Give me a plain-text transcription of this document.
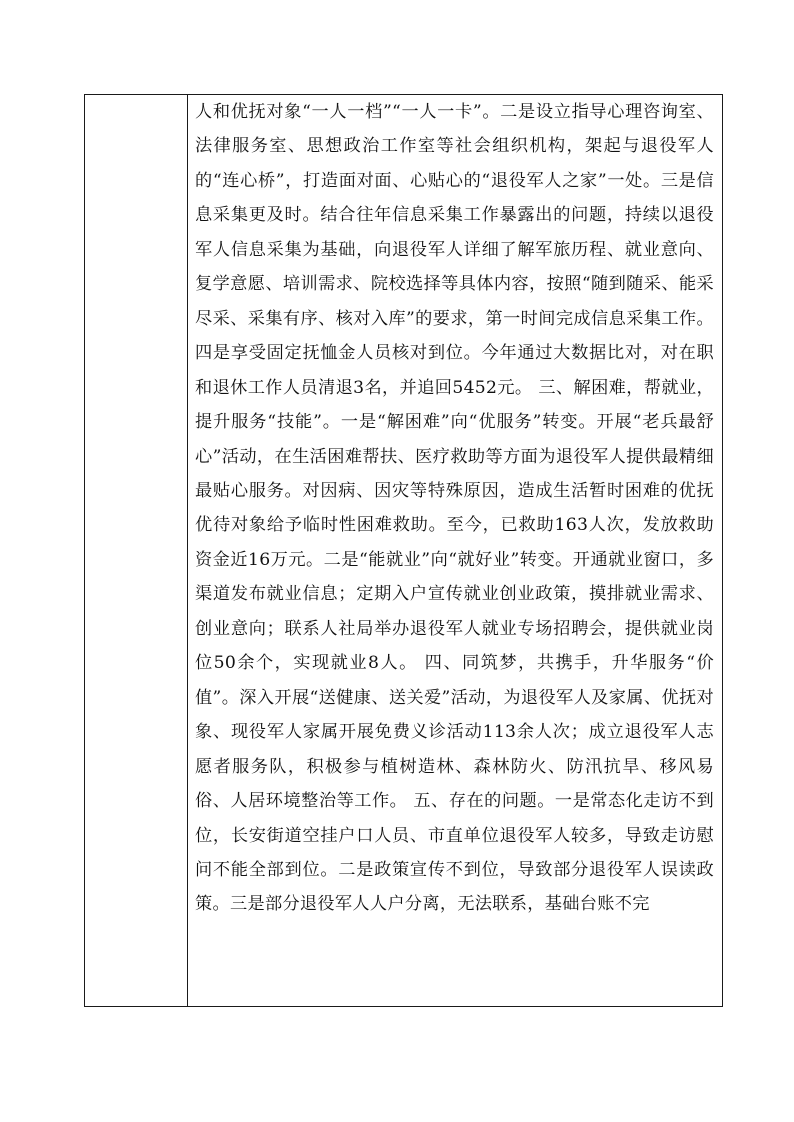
人和优抚对象“一人一档”“一人一卡”。二是设立指导心理咨询室、法律服务室、思想政治工作室等社会组织机构，架起与退役军人的“连心桥”，打造面对面、心贴心的“退役军人之家”一处。三是信息采集更及时。结合往年信息采集工作暴露出的问题，持续以退役军人信息采集为基础，向退役军人详细了解军旅历程、就业意向、复学意愿、培训需求、院校选择等具体内容，按照“随到随采、能采尽采、采集有序、核对入库”的要求，第一时间完成信息采集工作。四是享受固定抚恤金人员核对到位。今年通过大数据比对，对在职和退休工作人员清退3名，并追回5452元。 三、解困难，帮就业，提升服务“技能”。一是“解困难”向“优服务”转变。开展“老兵最舒心”活动，在生活困难帮扶、医疗救助等方面为退役军人提供最精细最贴心服务。对因病、因灾等特殊原因，造成生活暂时困难的优抚优待对象给予临时性困难救助。至今，已救助163人次，发放救助资金近16万元。二是“能就业”向“就好业”转变。开通就业窗口，多渠道发布就业信息；定期入户宣传就业创业政策，摸排就业需求、创业意向；联系人社局举办退役军人就业专场招聘会，提供就业岗位50余个，实现就业8人。 四、同筑梦，共携手，升华服务“价值”。深入开展“送健康、送关爱”活动，为退役军人及家属、优抚对象、现役军人家属开展免费义诊活动113余人次；成立退役军人志愿者服务队，积极参与植树造林、森林防火、防汛抗旱、移风易俗、人居环境整治等工作。 五、存在的问题。一是常态化走访不到位，长安街道空挂户口人员、市直单位退役军人较多，导致走访慰问不能全部到位。二是政策宣传不到位，导致部分退役军人误读政策。三是部分退役军人人户分离，无法联系，基础台账不完
